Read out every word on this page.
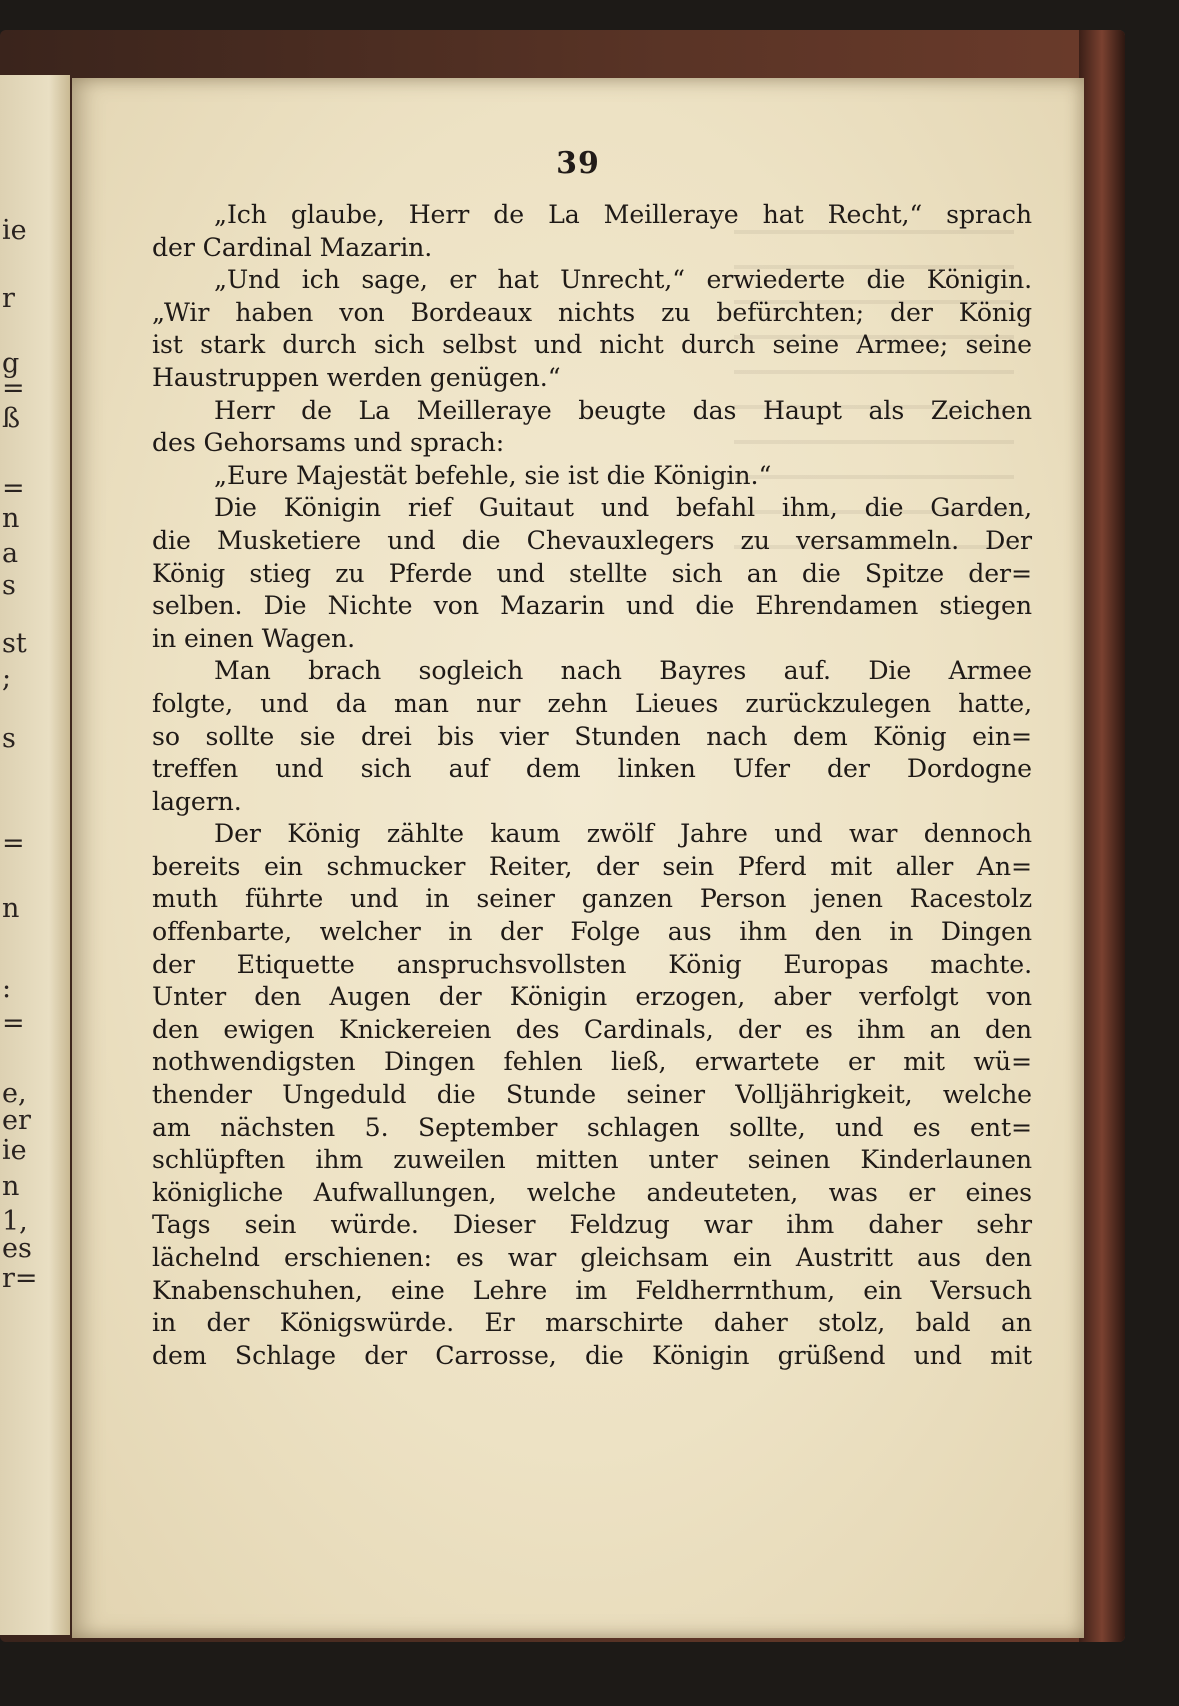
ie
r
g
=
ß
=
n
a
s
st
;
s
=
n
:
=
e,
er
ie
n
1,
es
r=
39
„Ich glaube, Herr de La Meilleraye hat Recht,“ sprach
der Cardinal Mazarin.
„Und ich sage, er hat Unrecht,“ erwiederte die Königin.
„Wir haben von Bordeaux nichts zu befürchten; der König
ist stark durch sich selbst und nicht durch seine Armee; seine
Haustruppen werden genügen.“
Herr de La Meilleraye beugte das Haupt als Zeichen
des Gehorsams und sprach:
„Eure Majestät befehle, sie ist die Königin.“
Die Königin rief Guitaut und befahl ihm, die Garden,
die Musketiere und die Chevauxlegers zu versammeln. Der
König stieg zu Pferde und stellte sich an die Spitze der=
selben. Die Nichte von Mazarin und die Ehrendamen stiegen
in einen Wagen.
Man brach sogleich nach Bayres auf. Die Armee
folgte, und da man nur zehn Lieues zurückzulegen hatte,
so sollte sie drei bis vier Stunden nach dem König ein=
treffen und sich auf dem linken Ufer der Dordogne
lagern.
Der König zählte kaum zwölf Jahre und war dennoch
bereits ein schmucker Reiter, der sein Pferd mit aller An=
muth führte und in seiner ganzen Person jenen Racestolz
offenbarte, welcher in der Folge aus ihm den in Dingen
der Etiquette anspruchsvollsten König Europas machte.
Unter den Augen der Königin erzogen, aber verfolgt von
den ewigen Knickereien des Cardinals, der es ihm an den
nothwendigsten Dingen fehlen ließ, erwartete er mit wü=
thender Ungeduld die Stunde seiner Volljährigkeit, welche
am nächsten 5. September schlagen sollte, und es ent=
schlüpften ihm zuweilen mitten unter seinen Kinderlaunen
königliche Aufwallungen, welche andeuteten, was er eines
Tags sein würde. Dieser Feldzug war ihm daher sehr
lächelnd erschienen: es war gleichsam ein Austritt aus den
Knabenschuhen, eine Lehre im Feldherrnthum, ein Versuch
in der Königswürde. Er marschirte daher stolz, bald an
dem Schlage der Carrosse, die Königin grüßend und mit
